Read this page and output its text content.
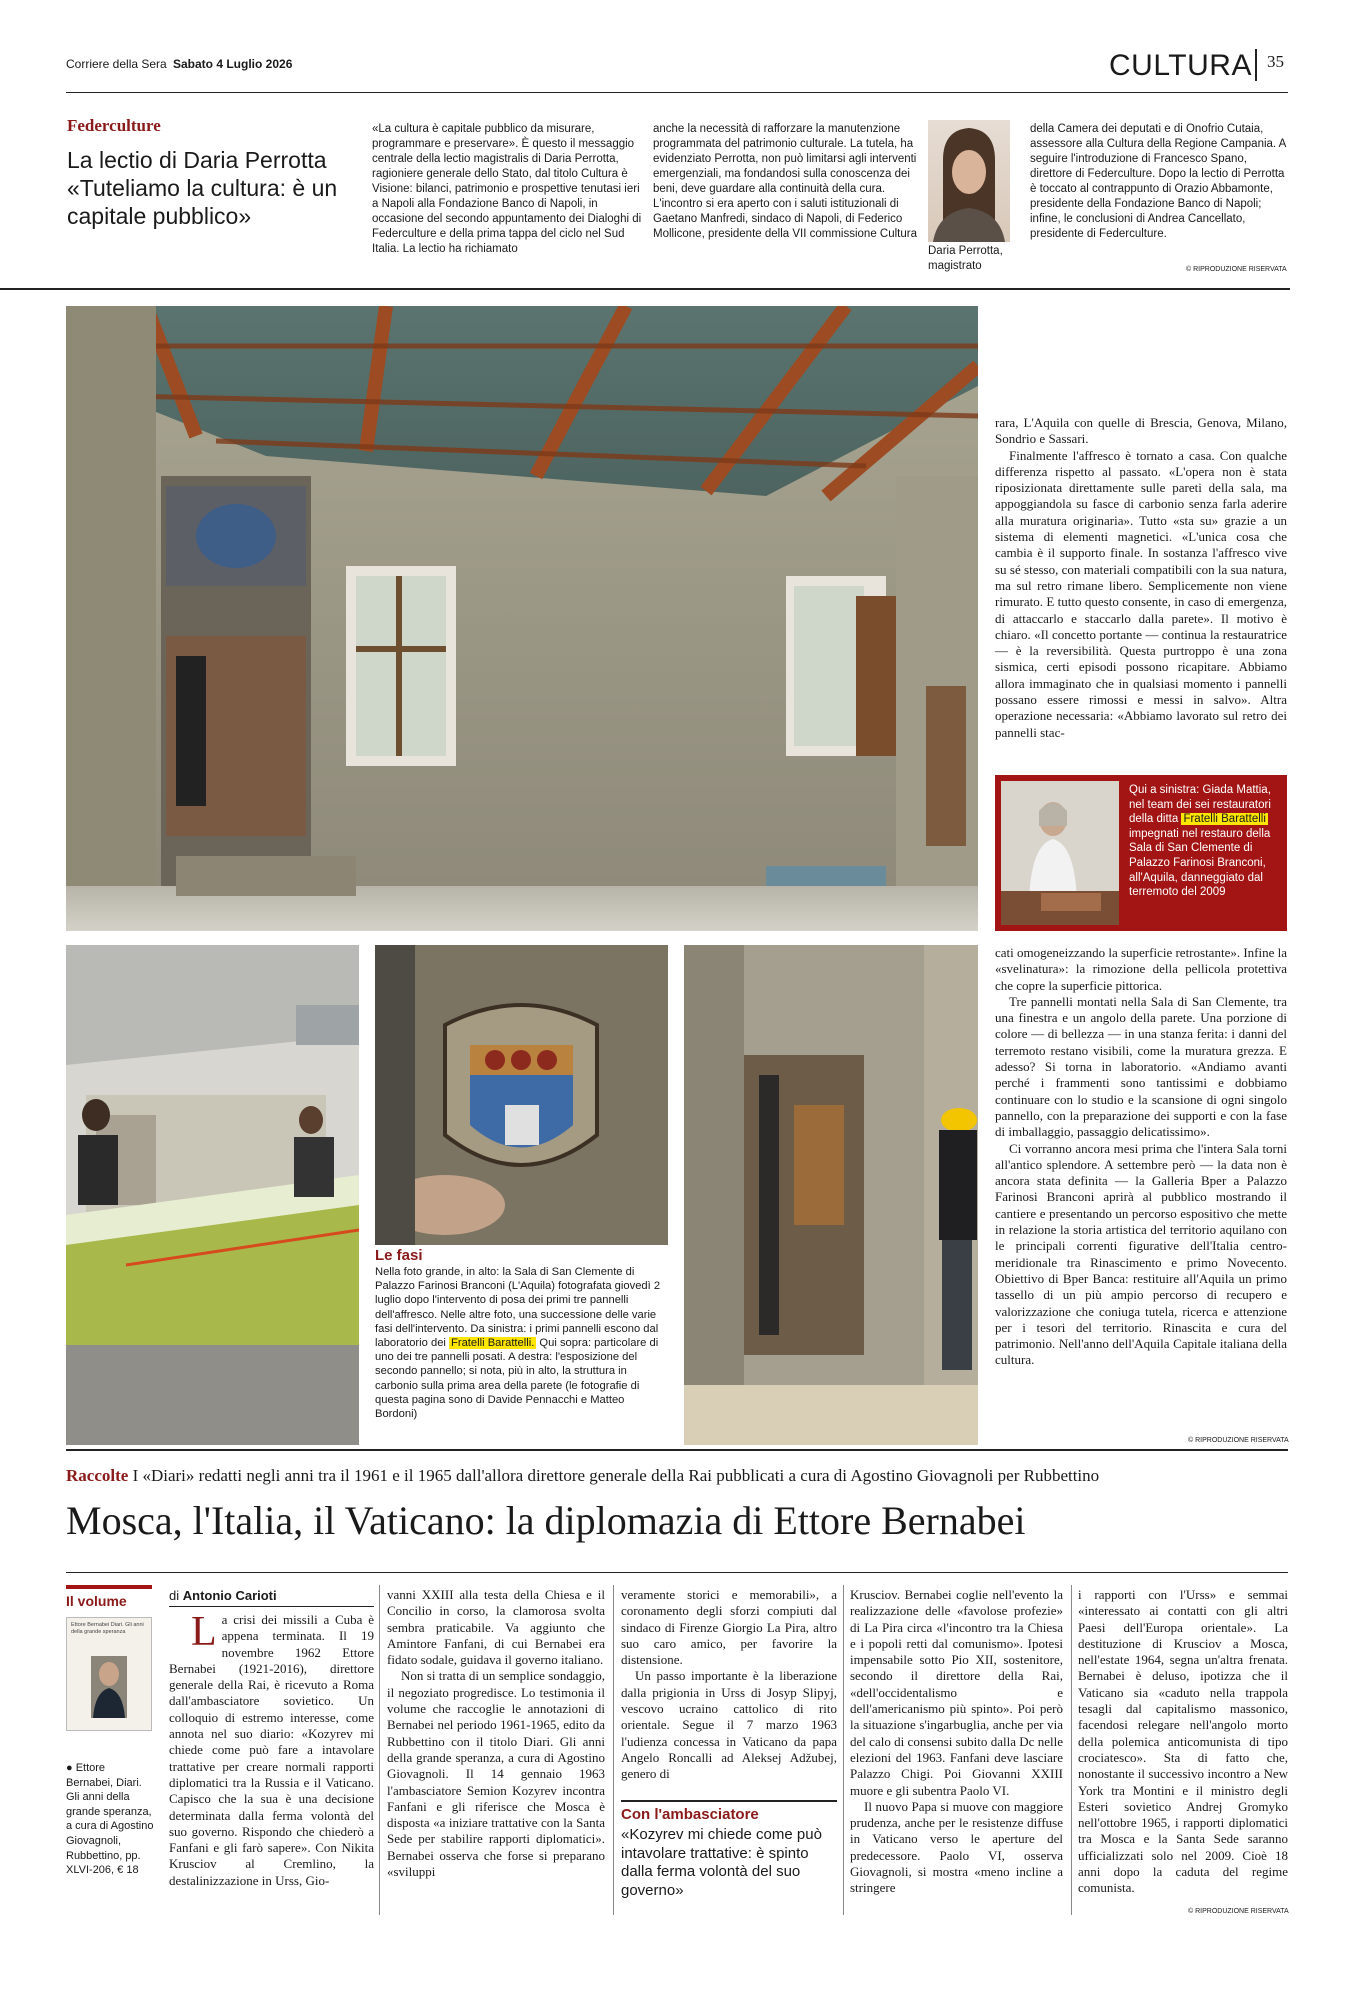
Corriere della Sera Sabato 4 Luglio 2026	CULTURA 35
Federculture
La lectio di Daria Perrotta «Tuteliamo la cultura: è un capitale pubblico»
«La cultura è capitale pubblico da misurare, programmare e preservare». È questo il messaggio centrale della lectio magistralis di Daria Perrotta, ragioniere generale dello Stato, dal titolo Cultura è Visione: bilanci, patrimonio e prospettive tenutasi ieri a Napoli alla Fondazione Banco di Napoli, in occasione del secondo appuntamento dei Dialoghi di Federculture e della prima tappa del ciclo nel Sud Italia. La lectio ha richiamato
anche la necessità di rafforzare la manutenzione programmata del patrimonio culturale. La tutela, ha evidenziato Perrotta, non può limitarsi agli interventi emergenziali, ma fondandosi sulla conoscenza dei beni, deve guardare alla continuità della cura. L'incontro si era aperto con i saluti istituzionali di Gaetano Manfredi, sindaco di Napoli, di Federico Mollicone, presidente della VII commissione Cultura
Daria Perrotta, magistrato
della Camera dei deputati e di Onofrio Cutaia, assessore alla Cultura della Regione Campania. A seguire l'introduzione di Francesco Spano, direttore di Federculture. Dopo la lectio di Perrotta è toccato al contrappunto di Orazio Abbamonte, presidente della Fondazione Banco di Napoli; infine, le conclusioni di Andrea Cancellato, presidente di Federculture.
© RIPRODUZIONE RISERVATA

rara, L'Aquila con quelle di Brescia, Genova, Milano, Sondrio e Sassari.

Finalmente l'affresco è tornato a casa. Con qualche differenza rispetto al passato. «L'opera non è stata riposizionata direttamente sulle pareti della sala, ma appoggiandola su fasce di carbonio senza farla aderire alla muratura originaria». Tutto «sta su» grazie a un sistema di elementi magnetici. «L'unica cosa che cambia è il supporto finale. In sostanza l'affresco vive su sé stesso, con materiali compatibili con la sua natura, ma sul retro rimane libero. Semplicemente non viene rimurato. E tutto questo consente, in caso di emergenza, di attaccarlo e staccarlo dalla parete». Il motivo è chiaro. «Il concetto portante — continua la restauratrice — è la reversibilità. Questa purtroppo è una zona sismica, certi episodi possono ricapitare. Abbiamo allora immaginato che in qualsiasi momento i pannelli possano essere rimossi e messi in salvo». Altra operazione necessaria: «Abbiamo lavorato sul retro dei pannelli stac-

Qui a sinistra: Giada Mattia, nel team dei sei restauratori della ditta Fratelli Barattelli impegnati nel restauro della Sala di San Clemente di Palazzo Farinosi Branconi, all'Aquila, danneggiato dal terremoto del 2009
Le fasi
Nella foto grande, in alto: la Sala di San Clemente di Palazzo Farinosi Branconi (L'Aquila) fotografata giovedì 2 luglio dopo l'intervento di posa dei primi tre pannelli dell'affresco. Nelle altre foto, una successione delle varie fasi dell'intervento. Da sinistra: i primi pannelli escono dal laboratorio dei Fratelli Barattelli. Qui sopra: particolare di uno dei tre pannelli posati. A destra: l'esposizione del secondo pannello; si nota, più in alto, la struttura in carbonio sulla prima area della parete (le fotografie di questa pagina sono di Davide Pennacchi e Matteo Bordoni)

cati omogeneizzando la superficie retrostante». Infine la «svelinatura»: la rimozione della pellicola protettiva che copre la superficie pittorica.

Tre pannelli montati nella Sala di San Clemente, tra una finestra e un angolo della parete. Una porzione di colore — di bellezza — in una stanza ferita: i danni del terremoto restano visibili, come la muratura grezza. E adesso? Si torna in laboratorio. «Andiamo avanti perché i frammenti sono tantissimi e dobbiamo continuare con lo studio e la scansione di ogni singolo pannello, con la preparazione dei supporti e con la fase di imballaggio, passaggio delicatissimo».

Ci vorranno ancora mesi prima che l'intera Sala torni all'antico splendore. A settembre però — la data non è ancora stata definita — la Galleria Bper a Palazzo Farinosi Branconi aprirà al pubblico mostrando il cantiere e presentando un percorso espositivo che mette in relazione la storia artistica del territorio aquilano con le principali correnti figurative dell'Italia centro-meridionale tra Rinascimento e primo Novecento. Obiettivo di Bper Banca: restituire all'Aquila un primo tassello di un più ampio percorso di recupero e valorizzazione che coniuga tutela, ricerca e attenzione per i tesori del territorio. Rinascita e cura del patrimonio. Nell'anno dell'Aquila Capitale italiana della cultura.

© RIPRODUZIONE RISERVATA
Raccolte I «Diari» redatti negli anni tra il 1961 e il 1965 dall'allora direttore generale della Rai pubblicati a cura di Agostino Giovagnoli per Rubbettino
Mosca, l'Italia, il Vaticano: la diplomazia di Ettore Bernabei
Il volume
Ettore Bernabei Diari. Gli anni della grande speranza
● Ettore Bernabei, Diari. Gli anni della grande speranza, a cura di Agostino Giovagnoli, Rubbettino, pp. XLVI-206, € 18
di Antonio Carioti
L a crisi dei missili a Cuba è appena terminata. Il 19 novembre 1962 Ettore Bernabei (1921-2016), direttore generale della Rai, è ricevuto a Roma dall'ambasciatore sovietico. Un colloquio di estremo interesse, come annota nel suo diario: «Kozyrev mi chiede come può fare a intavolare trattative per creare normali rapporti diplomatici tra la Russia e il Vaticano. Capisco che la sua è una decisione determinata dalla ferma volontà del suo governo. Rispondo che chiederò a Fanfani e gli farò sapere». Con Nikita Krusciov al Cremlino, la destalinizzazione in Urss, Gio-

vanni XXIII alla testa della Chiesa e il Concilio in corso, la clamorosa svolta sembra praticabile. Va aggiunto che Amintore Fanfani, di cui Bernabei era fidato sodale, guidava il governo italiano.

Non si tratta di un semplice sondaggio, il negoziato progredisce. Lo testimonia il volume che raccoglie le annotazioni di Bernabei nel periodo 1961-1965, edito da Rubbettino con il titolo Diari. Gli anni della grande speranza, a cura di Agostino Giovagnoli. Il 14 gennaio 1963 l'ambasciatore Semion Kozyrev incontra Fanfani e gli riferisce che Mosca è disposta «a iniziare trattative con la Santa Sede per stabilire rapporti diplomatici». Bernabei osserva che forse si preparano «sviluppi

veramente storici e memorabili», a coronamento degli sforzi compiuti dal sindaco di Firenze Giorgio La Pira, altro suo caro amico, per favorire la distensione.

Un passo importante è la liberazione dalla prigionia in Urss di Josyp Slipyj, vescovo ucraino cattolico di rito orientale. Segue il 7 marzo 1963 l'udienza concessa in Vaticano da papa Angelo Roncalli ad Aleksej Adžubej, genero di

Con l'ambasciatore
«Kozyrev mi chiede come può intavolare trattative: è spinto dalla ferma volontà del suo governo»

Krusciov. Bernabei coglie nell'evento la realizzazione delle «favolose profezie» di La Pira circa «l'incontro tra la Chiesa e i popoli retti dal comunismo». Ipotesi impensabile sotto Pio XII, sostenitore, secondo il direttore della Rai, «dell'occidentalismo e dell'americanismo più spinto». Poi però la situazione s'ingarbuglia, anche per via del calo di consensi subito dalla Dc nelle elezioni del 1963. Fanfani deve lasciare Palazzo Chigi. Poi Giovanni XXIII muore e gli subentra Paolo VI.

Il nuovo Papa si muove con maggiore prudenza, anche per le resistenze diffuse in Vaticano verso le aperture del predecessore. Paolo VI, osserva Giovagnoli, si mostra «meno incline a stringere

i rapporti con l'Urss» e semmai «interessato ai contatti con gli altri Paesi dell'Europa orientale». La destituzione di Krusciov a Mosca, nell'estate 1964, segna un'altra frenata. Bernabei è deluso, ipotizza che il Vaticano sia «caduto nella trappola tesagli dal capitalismo massonico, facendosi relegare nell'angolo morto della polemica anticomunista di tipo crociatesco». Sta di fatto che, nonostante il successivo incontro a New York tra Montini e il ministro degli Esteri sovietico Andrej Gromyko nell'ottobre 1965, i rapporti diplomatici tra Mosca e la Santa Sede saranno ufficializzati solo nel 2009. Cioè 18 anni dopo la caduta del regime comunista.

© RIPRODUZIONE RISERVATA
